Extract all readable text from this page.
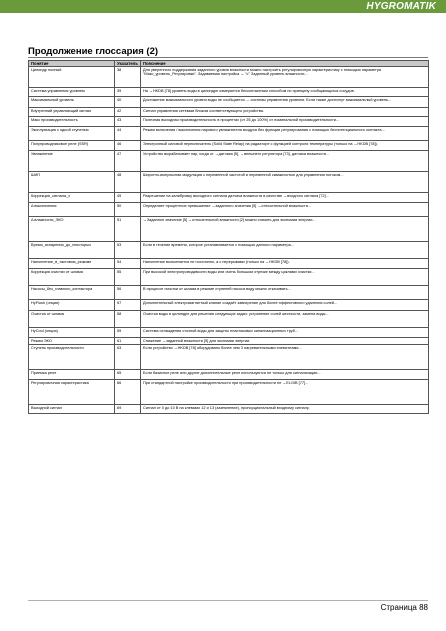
HYGROMATIK
Продолжение глоссария (2)
Понятие	Указатель	Пояснение
Цилиндр полный	38	Для уверенного поддержания заданного уровня влажности можно настроить регулировочную характеристику с помощью параметра "Макс_уровень_Регулировки". Задаваемая настройка → "с" Заданный уровень влажности...
Система управления уровнем	39	На →HKDB [78] уровень воды в цилиндре измеряется бесконтактным способом по принципу сообщающихся сосудов.
Максимальный уровень	40	Достижение максимального уровня воды не сообщается → системы управления уровнем. Если также достигнут максимальный уровень...
Внутренний управляющий сигнал	42	Сигнал управления сетевым блоком соответствующего устройства.
Макс производительность	43	Полезная выходная производительность в процентах (от 25 до 100%) от номинальной производительности...
Эксплуатация с одной ступенью	44	Режим включения / выключения парового увлажнителя воздуха без функции регулирования с помощью беспотенциального контакта...
Полупроводниковое реле (SSR)	46	Электронный силовой переключатель (Solid State Relay) на радиаторе с функцией контроля температуры (только на →HKDB [78]).
Увлажнение	47	Устройство вырабатывает пар, когда от →датчика [5], →внешнего регулятора [73], датчика влажности...
ШИП	48	Широтно-импульсная модуляция с переменной частотой и переменной скважностью для управления потоком...
Коррекция_сигнала_х	49	Разрешение на калибровку выходного сигнала датчика влажности в качестве →входного сигнала [72]...
Δ выключения	50	Определяет процентное превышение →заданного значения [5] →относительной влажности...
Δ влажности_ЭКО	51	→Заданное значение [5] →относительной влажности [2] можно снизить для экономии энергии...
Время_испарения_до_некоторых	53	Если в течение времени, которое устанавливается с помощью данного параметра...
Наполнение_в_тактовом_режиме	54	Наполнение выполняется не постоянно, а с перерывами (только на →HKDB [78]).
Коррекция очистки от шлама	55	При высокой электропроводимости воды или очень большом отрезке между циклами очистки...
Насосы_без_главного_контактора	56	В процессе очистки от шлама в режиме ступеней насоса воду можно откачивать...
HyFlush (опция)	57	Дополнительный электромагнитный клапан создаёт завихрение для более эффективного удаления солей...
Очистка от шлама	58	Очистка воды в цилиндре для решения следующих задач: устранение солей жесткости, замена воды...
HyCool (опция)	59	Система охлаждения сточной воды для защиты пластиковых канализационных труб...
Режим ЭКО	61	Снижение →заданной влажности [5] для экономии энергии.
Ступень производительности	63	Если устройство →HKDB [78] оборудовано более чем 3 нагревательными элементами...
Приемка реле	65	Если базисное реле или другие дополнительные реле используются не только для сигнализации...
Регулировочная характеристика	66	При стандартной настройке производительности при производительности не →ELGIB [77]...
Выходной сигнал	69	Сигнал от 0 до 10 В на клеммах 12 и 13 (заземление), пропорциональный входному сигналу.
Страница 88
